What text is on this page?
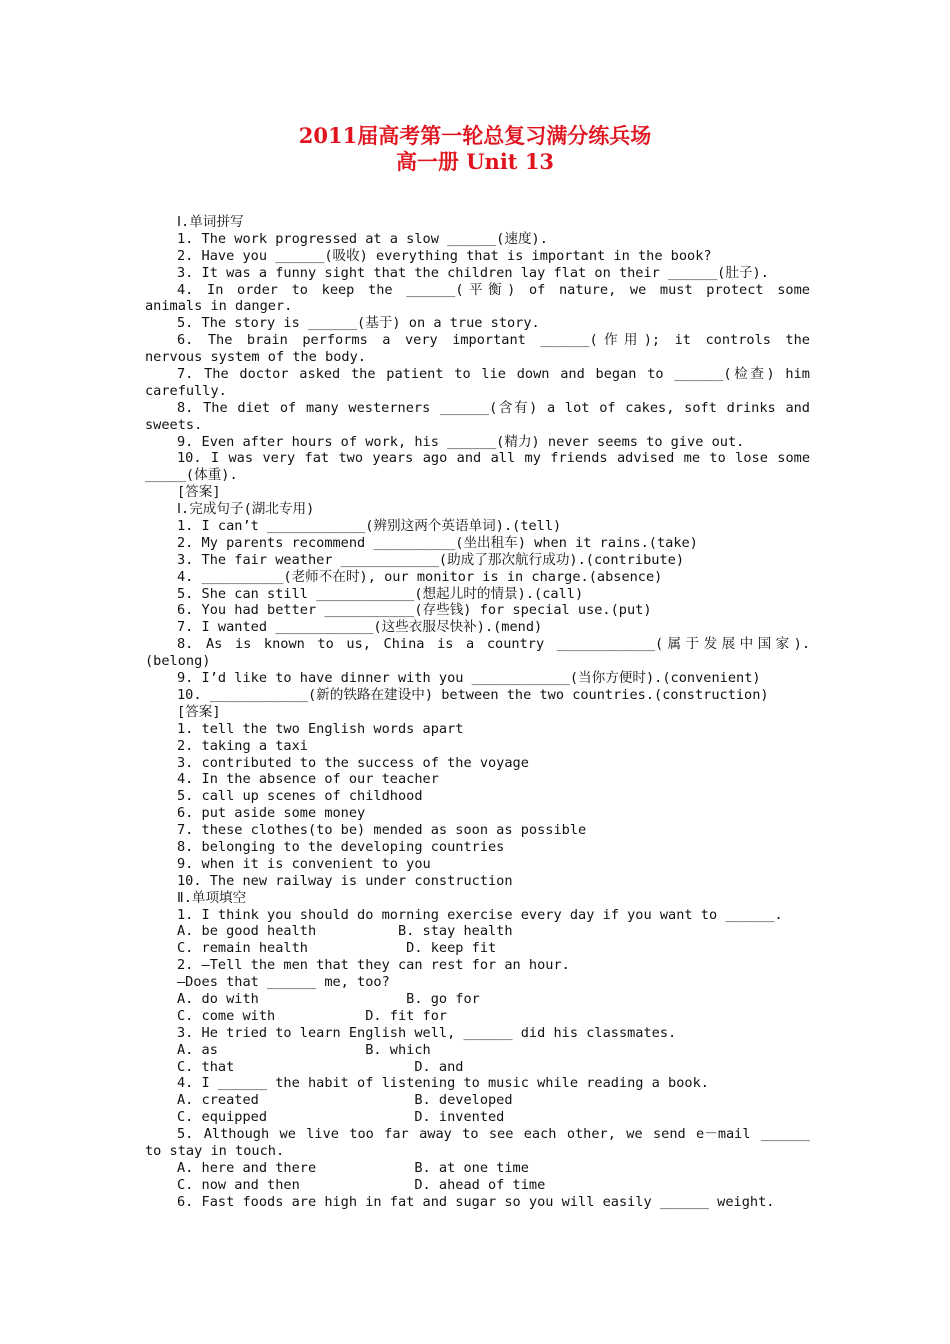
2011届高考第一轮总复习满分练兵场
高一册 Unit 13
Ⅰ.单词拼写
1. The work progressed at a slow ______(速度).
2. Have you ______(吸收) everything that is important in the book?
3. It was a funny sight that the children lay flat on their ______(肚子).
4. In order to keep the ______(平衡) of nature, we must protect some
animals in danger.
5. The story is ______(基于) on a true story.
6. The brain performs a very important ______(作用); it controls the
nervous system of the body.
7. The doctor asked the patient to lie down and began to ______(检查) him
carefully.
8. The diet of many westerners ______(含有) a lot of cakes, soft drinks and
sweets.
9. Even after hours of work, his ______(精力) never seems to give out.
10. I was very fat two years ago and all my friends advised me to lose some
_____(体重).
[答案]
Ⅰ.完成句子(湖北专用)
1. I can’t ____________(辨别这两个英语单词).(tell)
2. My parents recommend __________(坐出租车) when it rains.(take)
3. The fair weather ____________(助成了那次航行成功).(contribute)
4. __________(老师不在时), our monitor is in charge.(absence)
5. She can still ____________(想起儿时的情景).(call)
6. You had better ___________(存些钱) for special use.(put)
7. I wanted ____________(这些衣服尽快补).(mend)
8. As is known to us, China is a country ____________(属于发展中国家).
(belong)
9. I’d like to have dinner with you ____________(当你方便时).(convenient)
10. ____________(新的铁路在建设中) between the two countries.(construction)
[答案]
1. tell the two English words apart
2. taking a taxi
3. contributed to the success of the voyage
4. In the absence of our teacher
5. call up scenes of childhood
6. put aside some money
7. these clothes(to be) mended as soon as possible
8. belonging to the developing countries
9. when it is convenient to you
10. The new railway is under construction
Ⅱ.单项填空
1. I think you should do morning exercise every day if you want to ______.
A. be good health          B. stay health
C. remain health            D. keep fit
2. —Tell the men that they can rest for an hour.
—Does that ______ me, too?
A. do with                  B. go for
C. come with           D. fit for
3. He tried to learn English well, ______ did his classmates.
A. as                  B. which
C. that                      D. and
4. I ______ the habit of listening to music while reading a book.
A. created                   B. developed
C. equipped                  D. invented
5. Although we live too far away to see each other, we send e－mail ______
to stay in touch.
A. here and there            B. at one time
C. now and then              D. ahead of time
6. Fast foods are high in fat and sugar so you will easily ______ weight.
